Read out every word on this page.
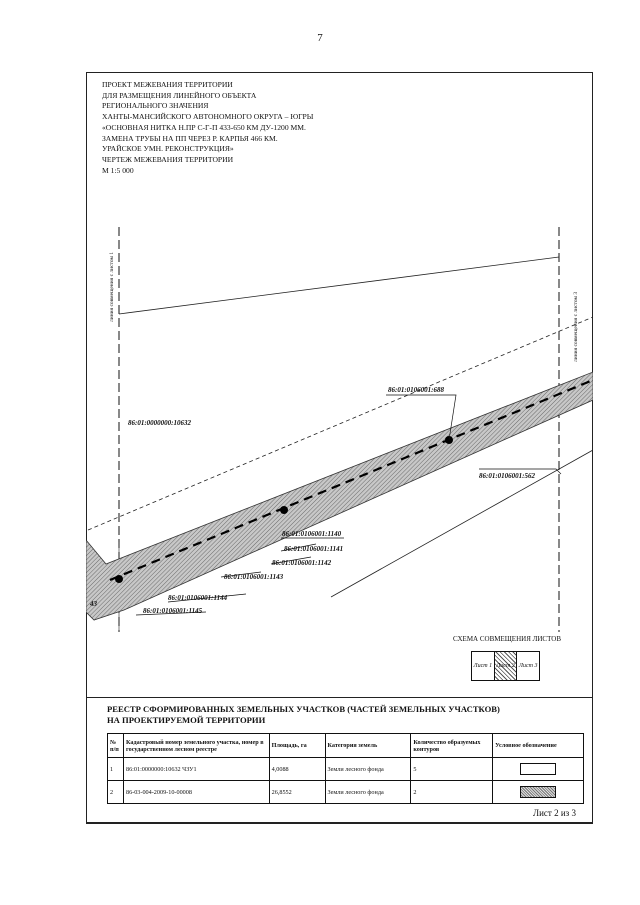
7
ПРОЕКТ МЕЖЕВАНИЯ ТЕРРИТОРИИ
ДЛЯ РАЗМЕЩЕНИЯ ЛИНЕЙНОГО ОБЪЕКТА
РЕГИОНАЛЬНОГО ЗНАЧЕНИЯ
ХАНТЫ-МАНСИЙСКОГО АВТОНОМНОГО ОКРУГА – ЮГРЫ
«ОСНОВНАЯ НИТКА Н.ПР С-Г-П 433-650 КМ ДУ-1200 ММ.
ЗАМЕНА ТРУБЫ НА ПП ЧЕРЕЗ Р. КАРПЬЯ 466 КМ.
УРАЙСКОЕ УМН. РЕКОНСТРУКЦИЯ»
ЧЕРТЕЖ МЕЖЕВАНИЯ ТЕРРИТОРИИ
М 1:5 000
линия совмещения с листом 1
линия совмещения с листом 3
86:01:0000000:10632
86:01:0106001:688
86:01:0106001:562
86:01:0106001:1140
86:01:0106001:1141
86:01:0106001:1142
86:01:0106001:1143
86:01:0106001:1144
86:01:0106001:1145
43
СХЕМА СОВМЕЩЕНИЯ ЛИСТОВ
Лист 1 Лист 2 Лист 3
РЕЕСТР СФОРМИРОВАННЫХ ЗЕМЕЛЬНЫХ УЧАСТКОВ (ЧАСТЕЙ ЗЕМЕЛЬНЫХ УЧАСТКОВ)
НА ПРОЕКТИРУЕМОЙ ТЕРРИТОРИИ
№ п/п	Кадастровый номер земельного участка, номер в государственном лесном реестре	Площадь, га	Категория земель	Количество образуемых контуров	Условное обозначение
1	86:01:0000000:10632 ЧЗУ1	4,0088	Земли лесного фонда	5	

2	86-03-004-2009-10-00008	26,8552	Земли лесного фонда	2	
Лист 2 из 3
